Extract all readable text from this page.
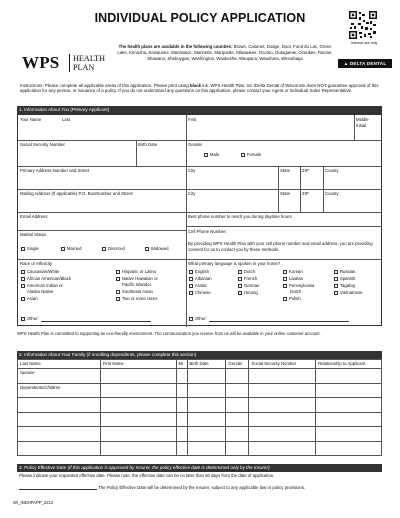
INDIVIDUAL POLICY APPLICATION
Internal use only
WPS HEALTH
PLAN
The health plans are available in the following counties: Brown, Calumet, Dodge, Door, Fond du Lac, Green Lake, Kenosha, Kewaunee, Manitowoc, Marinette, Marquette, Milwaukee, Oconto, Outagamie, Ozaukee, Racine, Shawano, Sheboygan, Washington, Waukesha, Waupaca, Waushara, Winnebago
▲ DELTA DENTAL
Instructions: Please complete all applicable areas of this application. Please print using black ink. WPS Health Plan, Inc./Delta Dental of Wisconsin does NOT guarantee approval of this application for any person, or issuance of a policy. If you do not understand any questions on this application, please contact your Agent or Individual Sales Representative.
1. Information About You (Primary Applicant)
Your Name	Last	First	Middle Initial
Social Security Number	Birth Date	Gender
Male	Female
Primary Address Number and Street	City	State	ZIP	County
Mailing Address (If applicable) P.O. Box/Number and Street	City	State	ZIP	County
Email Address	Best phone number to reach you during daytime hours
Cell Phone Number:
By providing WPS Health Plan with your cell phone number and email address, you are providing consent for us to contact you by these methods.
Marital Status
Single	Married	Divorced	Widowed
Race or ethnicity
Caucasian/White
African American/Black
American Indian or
Alaska Native
Asian
Hispanic or Latino
Native Hawaiian or
Pacific Islander
Southeast Asian
Two or more races
Other:
What primary language is spoken in your home?
English
Albanian
Arabic
Chinese
Dutch
French
German
Hmong
Korean
Laotian
Pennsylvania
Dutch
Polish
Russian
Spanish
Tagalog
Vietnamese
Other:
WPS Health Plan is committed to supporting an eco-friendly environment. The communication you receive from us will be available in your online customer account.
2. Information About Your Family (if enrolling dependents, please complete this section)
Last Name	First Name	MI	Birth Date	Gender	Social Security Number	Relationship to Applicant
Spouse						
Dependents/Children						

3. Policy Effective Date (If this application is approved by Insurer, the policy effective date is determined only by the Insurer)
Please indicate your requested effective date. Please note, the effective date can be no later than 60 days from the date of application.
The Policy Effective Date will be determined by the Insurer, subject to any applicable law or policy provisions.
WI_INDHPAPP_2212
